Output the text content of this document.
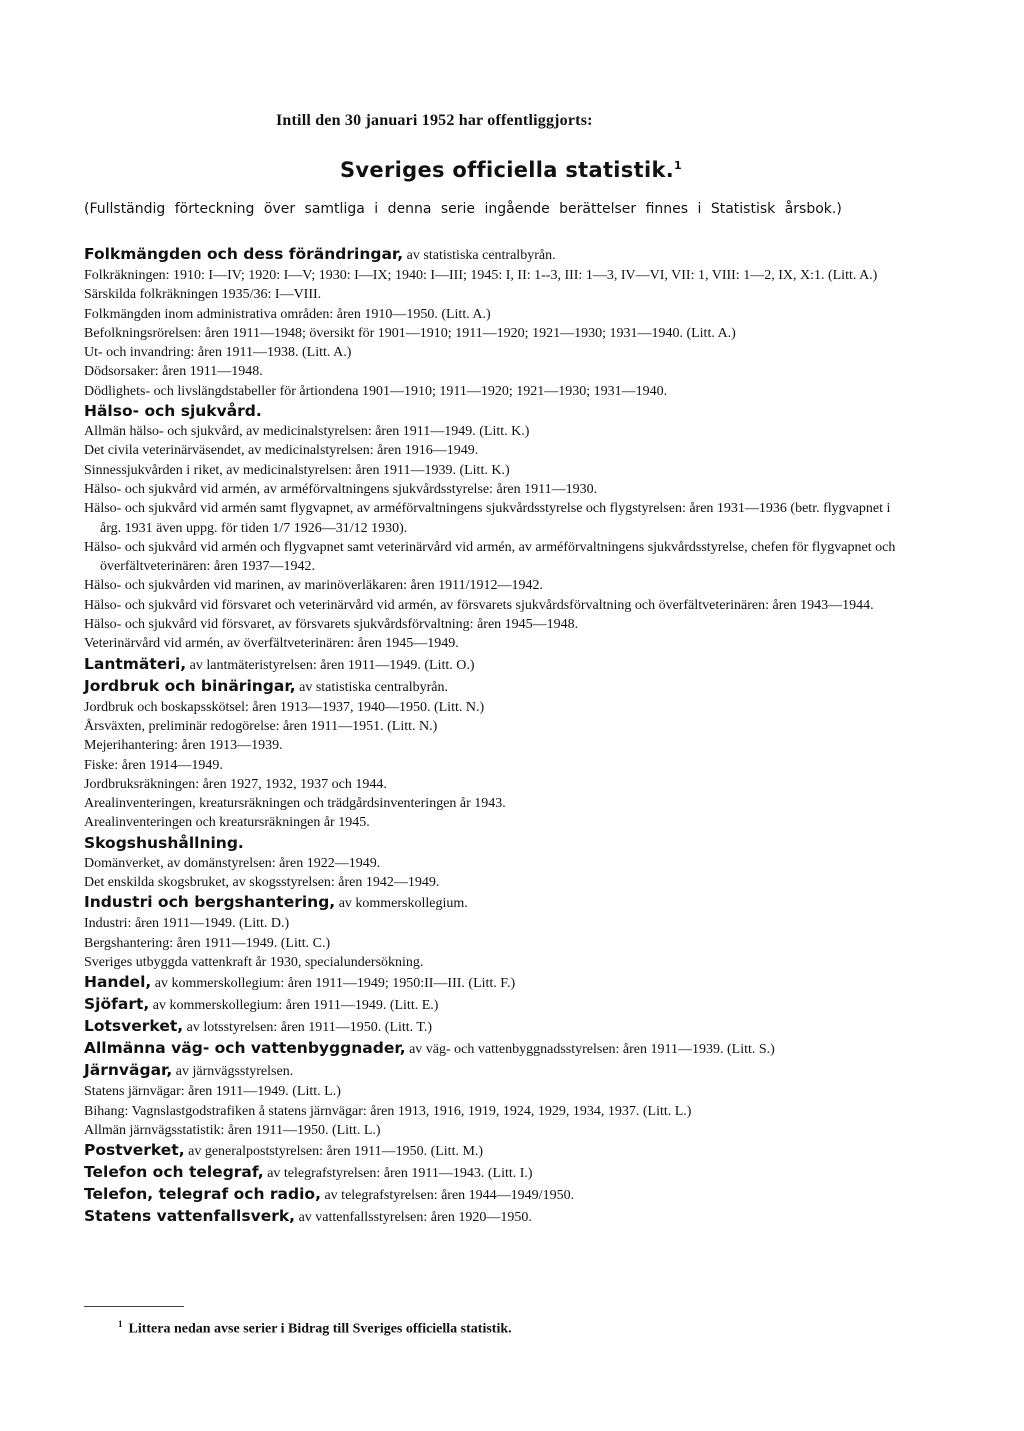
Intill den 30 januari 1952 har offentliggjorts:
Sveriges officiella statistik.$^1$
(Fullständig förteckning över samtliga i denna serie ingående berättelser finnes i Statistisk årsbok.)

Folkmängden och dess förändringar, av statistiska centralbyrån.

Folkräkningen: 1910: I—IV; 1920: I—V; 1930: I—IX; 1940: I—III; 1945: I, II: 1--3, III: 1—3, IV—VI, VII: 1, VIII: 1—2, IX, X:1. (Litt. A.)

Särskilda folkräkningen 1935/36: I—VIII.

Folkmängden inom administrativa områden: åren 1910—1950. (Litt. A.)

Befolkningsrörelsen: åren 1911—1948; översikt för 1901—1910; 1911—1920; 1921—1930; 1931—1940. (Litt. A.)

Ut- och invandring: åren 1911—1938. (Litt. A.)

Dödsorsaker: åren 1911—1948.

Dödlighets- och livslängdstabeller för årtiondena 1901—1910; 1911—1920; 1921—1930; 1931—1940.

Hälso- och sjukvård.

Allmän hälso- och sjukvård, av medicinalstyrelsen: åren 1911—1949. (Litt. K.)

Det civila veterinärväsendet, av medicinalstyrelsen: åren 1916—1949.

Sinnessjukvården i riket, av medicinalstyrelsen: åren 1911—1939. (Litt. K.)

Hälso- och sjukvård vid armén, av arméförvaltningens sjukvårdsstyrelse: åren 1911—1930.

Hälso- och sjukvård vid armén samt flygvapnet, av arméförvaltningens sjukvårdsstyrelse och flygstyrelsen: åren 1931—1936 (betr. flygvapnet i årg. 1931 även uppg. för tiden 1/7 1926—31/12 1930).

Hälso- och sjukvård vid armén och flygvapnet samt veterinärvård vid armén, av arméförvaltningens sjukvårdsstyrelse, chefen för flygvapnet och överfältveterinären: åren 1937—1942.

Hälso- och sjukvården vid marinen, av marinöverläkaren: åren 1911/1912—1942.

Hälso- och sjukvård vid försvaret och veterinärvård vid armén, av försvarets sjukvårdsförvaltning och överfältveterinären: åren 1943—1944.

Hälso- och sjukvård vid försvaret, av försvarets sjukvårdsförvaltning: åren 1945—1948.

Veterinärvård vid armén, av överfältveterinären: åren 1945—1949.

Lantmäteri, av lantmäteristyrelsen: åren 1911—1949. (Litt. O.)

Jordbruk och binäringar, av statistiska centralbyrån.

Jordbruk och boskapsskötsel: åren 1913—1937, 1940—1950. (Litt. N.)

Årsväxten, preliminär redogörelse: åren 1911—1951. (Litt. N.)

Mejerihantering: åren 1913—1939.

Fiske: åren 1914—1949.

Jordbruksräkningen: åren 1927, 1932, 1937 och 1944.

Arealinventeringen, kreatursräkningen och trädgårdsinventeringen år 1943.

Arealinventeringen och kreatursräkningen år 1945.

Skogshushållning.

Domänverket, av domänstyrelsen: åren 1922—1949.

Det enskilda skogsbruket, av skogsstyrelsen: åren 1942—1949.

Industri och bergshantering, av kommerskollegium.

Industri: åren 1911—1949. (Litt. D.)

Bergshantering: åren 1911—1949. (Litt. C.)

Sveriges utbyggda vattenkraft år 1930, specialundersökning.

Handel, av kommerskollegium: åren 1911—1949; 1950:II—III. (Litt. F.)

Sjöfart, av kommerskollegium: åren 1911—1949. (Litt. E.)

Lotsverket, av lotsstyrelsen: åren 1911—1950. (Litt. T.)

Allmänna väg- och vattenbyggnader, av väg- och vattenbyggnadsstyrelsen: åren 1911—1939. (Litt. S.)

Järnvägar, av järnvägsstyrelsen.

Statens järnvägar: åren 1911—1949. (Litt. L.)

Bihang: Vagnslastgodstrafiken å statens järnvägar: åren 1913, 1916, 1919, 1924, 1929, 1934, 1937. (Litt. L.)

Allmän järnvägsstatistik: åren 1911—1950. (Litt. L.)

Postverket, av generalpoststyrelsen: åren 1911—1950. (Litt. M.)

Telefon och telegraf, av telegrafstyrelsen: åren 1911—1943. (Litt. I.)

Telefon, telegraf och radio, av telegrafstyrelsen: åren 1944—1949/1950.

Statens vattenfallsverk, av vattenfallsstyrelsen: åren 1920—1950.

$^1$ Littera nedan avse serier i Bidrag till Sveriges officiella statistik.
